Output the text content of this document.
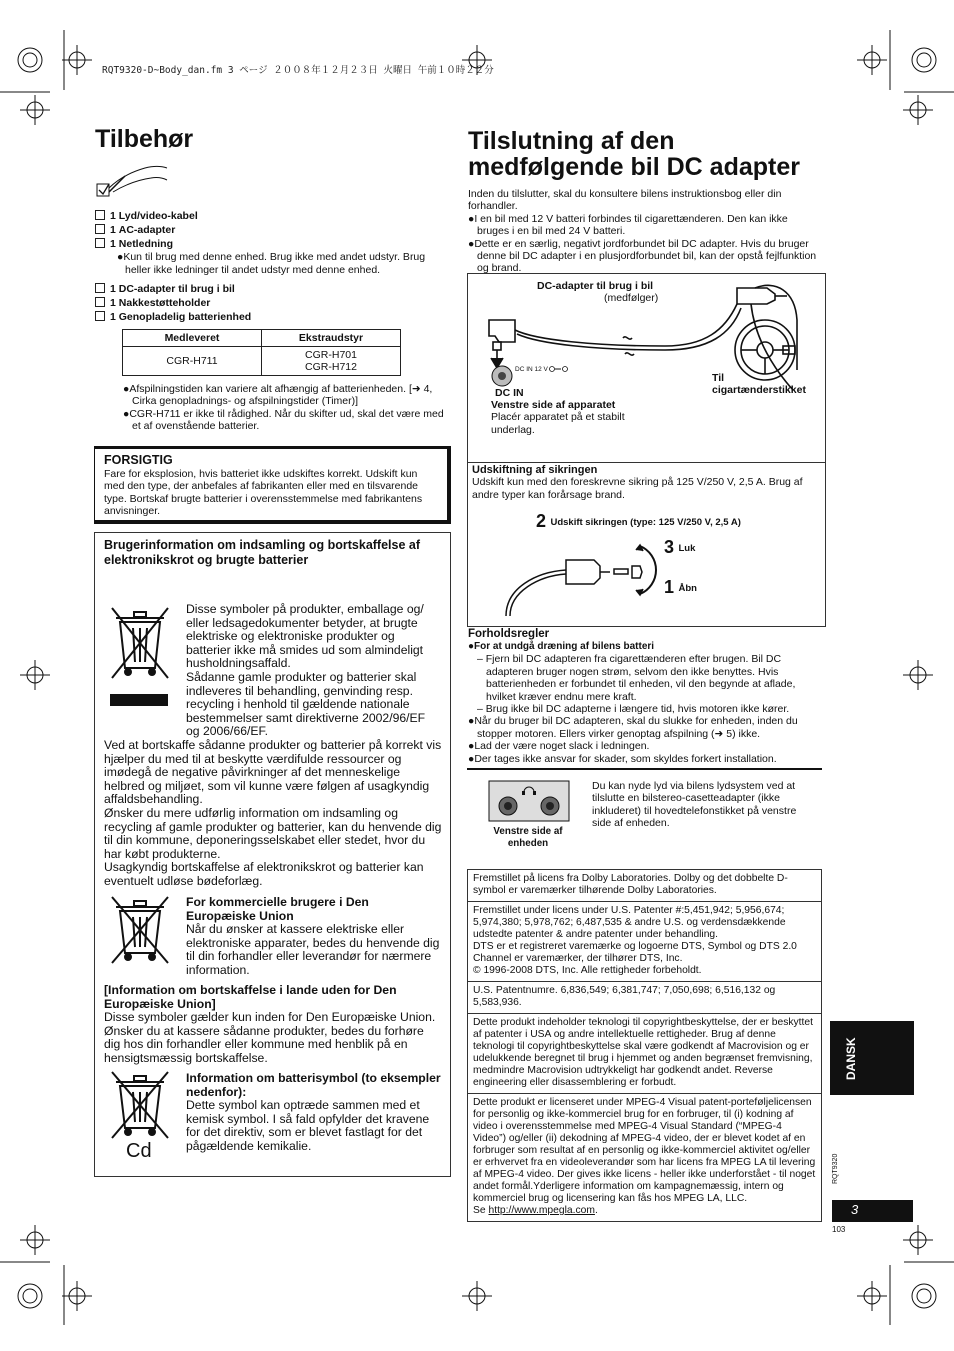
RQT9320-D~Body_dan.fm 3 ページ ２００８年１２月２３日 火曜日 午前１０時２２分
Tilbehør
1 Lyd/video-kabel
1 AC-adapter
1 Netledning
●Kun til brug med denne enhed. Brug ikke med andet udstyr. Brug heller ikke ledninger til andet udstyr med denne enhed.
1 DC-adapter til brug i bil
1 Nakkestøtteholder
1 Genopladelig batterienhed
Medleveret	Ekstraudstyr
CGR-H711	CGR-H701
CGR-H712
●Afspilningstiden kan variere alt afhængig af batterienheden. [➜ 4, Cirka genopladnings- og afspilningstider (Timer)]
●CGR-H711 er ikke til rådighed. Når du skifter ud, skal det være med et af ovenstående batterier.
FORSIGTIG
Fare for eksplosion, hvis batteriet ikke udskiftes korrekt. Udskift kun med den type, der anbefales af fabrikanten eller med en tilsvarende type. Bortskaf brugte batterier i overensstemmelse med fabrikantens anvisninger.
Brugerinformation om indsamling og bortskaffelse af elektronikskrot og brugte batterier
Disse symboler på produkter, emballage og/ eller ledsagedokumenter betyder, at brugte elektriske og elektroniske produkter og batterier ikke må smides ud som almindeligt husholdningsaffald.
Sådanne gamle produkter og batterier skal indleveres til behandling, genvinding resp. recycling i henhold til gældende nationale bestemmelser samt direktiverne 2002/96/EF og 2006/66/EF.
Ved at bortskaffe sådanne produkter og batterier på korrekt vis hjælper du med til at beskytte værdifulde ressourcer og imødegå de negative påvirkninger af det menneskelige helbred og miljøet, som vil kunne være følgen af usagkyndig affaldsbehandling.
Ønsker du mere udførlig information om indsamling og recycling af gamle produkter og batterier, kan du henvende dig til din kommune, deponeringsselskabet eller stedet, hvor du har købt produkterne.
Usagkyndig bortskaffelse af elektronikskrot og batterier kan eventuelt udløse bødeforlæg.
For kommercielle brugere i Den Europæiske Union
Når du ønsker at kassere elektriske eller elektroniske apparater, bedes du henvende dig til din forhandler eller leverandør for nærmere information.
[Information om bortskaffelse i lande uden for Den Europæiske Union]
Disse symboler gælder kun inden for Den Europæiske Union. Ønsker du at kassere sådanne produkter, bedes du forhøre dig hos din forhandler eller kommune med henblik på en hensigtsmæssig bortskaffelse.
Cd
Information om batterisymbol (to eksempler nedenfor):
Dette symbol kan optræde sammen med et kemisk symbol. I så fald opfylder det kravene for det direktiv, som er blevet fastlagt for det pågældende kemikalie.
Tilslutning af den
medfølgende bil DC adapter
Inden du tilslutter, skal du konsultere bilens instruktionsbog eller din forhandler.
●I en bil med 12 V batteri forbindes til cigarettænderen. Den kan ikke bruges i en bil med 24 V batteri.
●Dette er en særlig, negativt jordforbundet bil DC adapter. Hvis du bruger denne bil DC adapter i en plusjordforbundet bil, kan der opstå fejlfunktion og brand.
DC-adapter til brug i bil
(medfølger)
DC IN 12 V
DC IN
Venstre side af apparatet
Placér apparatet på et stabilt underlag.
Til
cigartænderstikket
Udskiftning af sikringen
Udskift kun med den foreskrevne sikring på 125 V/250 V, 2,5 A. Brug af andre typer kan forårsage brand.
2 Udskift sikringen (type: 125 V/250 V, 2,5 A)
3 Luk
1 Åbn
Forholdsregler
●For at undgå dræning af bilens batteri
– Fjern bil DC adapteren fra cigarettænderen efter brugen. Bil DC adapteren bruger nogen strøm, selvom den ikke benyttes. Hvis batterienheden er forbundet til enheden, vil den begynde at aflade, hvilket kræver endnu mere kraft.
– Brug ikke bil DC adapterne i længere tid, hvis motoren ikke kører.
●Når du bruger bil DC adapteren, skal du slukke for enheden, inden du stopper motoren. Ellers virker genoptag afspilning (➜ 5) ikke.
●Lad der være noget slack i ledningen.
●Der tages ikke ansvar for skader, som skyldes forkert installation.
Venstre side af
enheden
Du kan nyde lyd via bilens lydsystem ved at tilslutte en bilstereo-casetteadapter (ikke inkluderet) til hovedtelefonstikket på venstre side af enheden.
Fremstillet på licens fra Dolby Laboratories. Dolby og det dobbelte D-symbol er varemærker tilhørende Dolby Laboratories.
Fremstillet under licens under U.S. Patenter #:5,451,942; 5,956,674; 5,974,380; 5,978,762; 6,487,535 & andre U.S. og verdensdækkende udstedte patenter & andre patenter under behandling.
DTS er et registreret varemærke og logoerne DTS, Symbol og DTS 2.0 Channel er varemærker, der tilhører DTS, Inc.
© 1996-2008 DTS, Inc. Alle rettigheder forbeholdt.
U.S. Patentnumre. 6,836,549; 6,381,747; 7,050,698; 6,516,132 og 5,583,936.
Dette produkt indeholder teknologi til copyrightbeskyttelse, der er beskyttet af patenter i USA og andre intellektuelle rettigheder. Brug af denne teknologi til copyrightbeskyttelse skal være godkendt af Macrovision og er udelukkende beregnet til brug i hjemmet og anden begrænset fremvisning, medmindre Macrovision udtrykkeligt har godkendt andet. Reverse engineering eller disassemblering er forbudt.
Dette produkt er licenseret under MPEG-4 Visual patent-porteføljelicensen for personlig og ikke-kommerciel brug for en forbruger, til (i) kodning af video i overensstemmelse med MPEG-4 Visual Standard (“MPEG-4 Video”) og/eller (ii) dekodning af MPEG-4 video, der er blevet kodet af en forbruger som resultat af en personlig og ikke-kommerciel aktivitet og/eller er erhvervet fra en videoleverandør som har licens fra MPEG LA til levering af MPEG-4 video. Der gives ikke licens - heller ikke underforstået - til noget andet formål.Yderligere information om kampagnemæssig, intern og kommerciel brug og licensering kan fås hos MPEG LA, LLC.
Se http://www.mpegla.com.
DANSK
RQT9320
3
103
